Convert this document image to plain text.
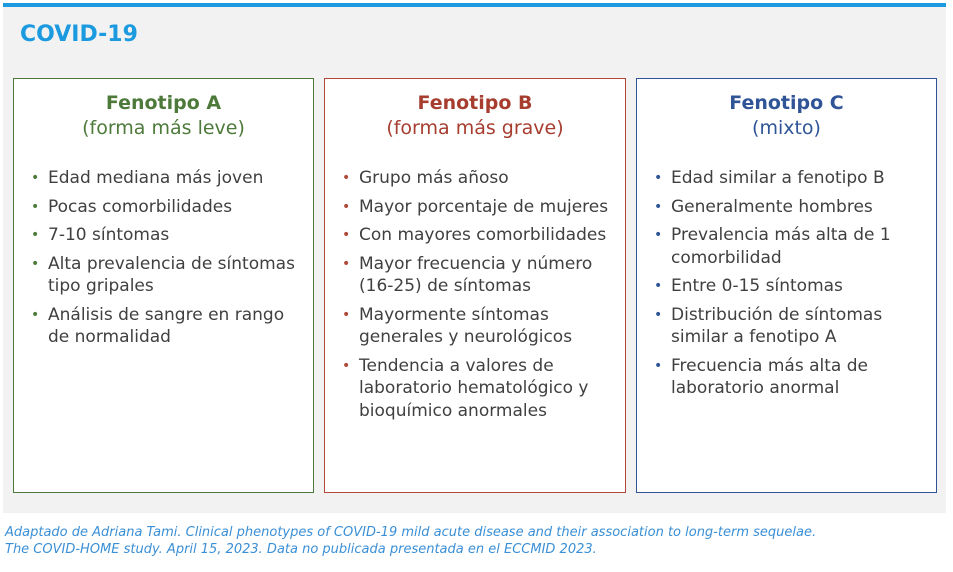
COVID-19
Fenotipo A
(forma más leve)
• Edad mediana más joven
• Pocas comorbilidades
• 7-10 síntomas
• Alta prevalencia de síntomas tipo gripales
• Análisis de sangre en rango de normalidad
Fenotipo B
(forma más grave)
• Grupo más añoso
• Mayor porcentaje de mujeres
• Con mayores comorbilidades
• Mayor frecuencia y número (16-25) de síntomas
• Mayormente síntomas generales y neurológicos
• Tendencia a valores de laboratorio hematológico y bioquímico anormales
Fenotipo C
(mixto)
• Edad similar a fenotipo B
• Generalmente hombres
• Prevalencia más alta de 1 comorbilidad
• Entre 0-15 síntomas
• Distribución de síntomas similar a fenotipo A
• Frecuencia más alta de laboratorio anormal
Adaptado de Adriana Tami. Clinical phenotypes of COVID-19 mild acute disease and their association to long-term sequelae.
The COVID-HOME study. April 15, 2023. Data no publicada presentada en el ECCMID 2023.
